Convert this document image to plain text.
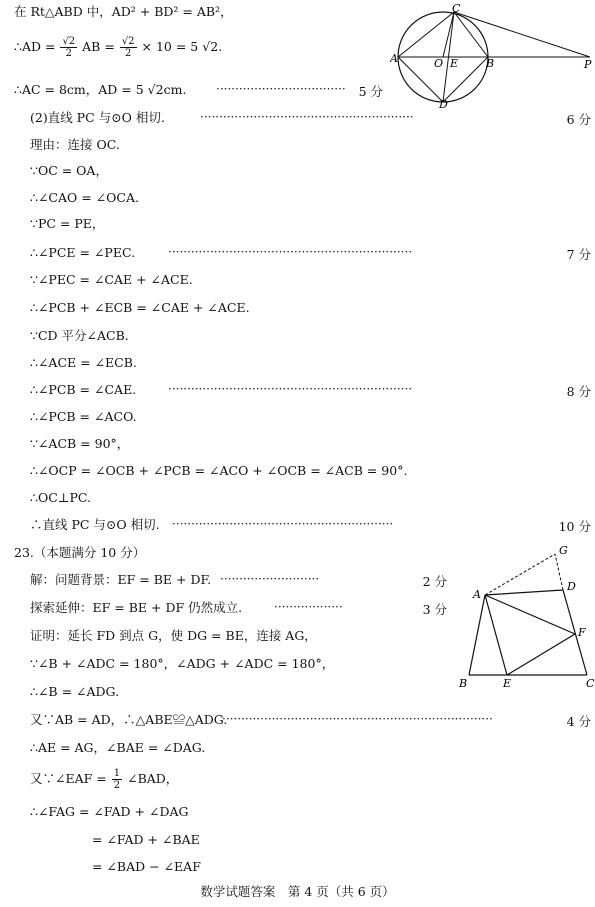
在 Rt△ABD 中，AD² + BD² = AB²，
∴AD = $\frac{√2}{2}$ AB = $\frac{√2}{2} \times 10 = 5$ √2.
∴AC = 8cm，AD = 5 √2cm. ·································· 5 分
A
C
O E	B	P
D
(2)直线 PC 与⊙O 相切.	························································	6 分
理由：连接 OC.
∵OC = OA，
∴∠CAO = ∠OCA.
∵PC = PE，
∴∠PCE = ∠PEC.	································································	7 分
∵∠PEC = ∠CAE + ∠ACE.
∴∠PCB + ∠ECB = ∠CAE + ∠ACE.
∵CD 平分∠ACB.
∴∠ACE = ∠ECB.
∴∠PCB = ∠CAE.	································································	8 分
∴∠PCB = ∠ACO.
∵∠ACB = 90°，
∴∠OCP = ∠OCB + ∠PCB = ∠ACO + ∠OCB = ∠ACB = 90°.
∴OC⊥PC.
∴直线 PC 与⊙O 相切. ··························································	10 分
23.（本题满分 10 分）
解：问题背景：EF = BE + DF. ··························	2 分
探索延伸：EF = BE + DF 仍然成立.	··················	3 分
证明：延长 FD 到点 G，使 DG = BE，连接 AG，
∵∠B + ∠ADC = 180°，∠ADG + ∠ADC = 180°，
∴∠B = ∠ADG.
又∵AB = AD，∴△ABE≌△ADG.
·······································································	4 分
∴AE = AG，∠BAE = ∠DAG.
又∵∠EAF = $\frac{1}{2}$ ∠BAD，
∴∠FAG = ∠FAD + ∠DAG
= ∠FAD + ∠BAE
= ∠BAD − ∠EAF
G
A
D
F
B	E	C
数学试题答案　第 4 页（共 6 页）
